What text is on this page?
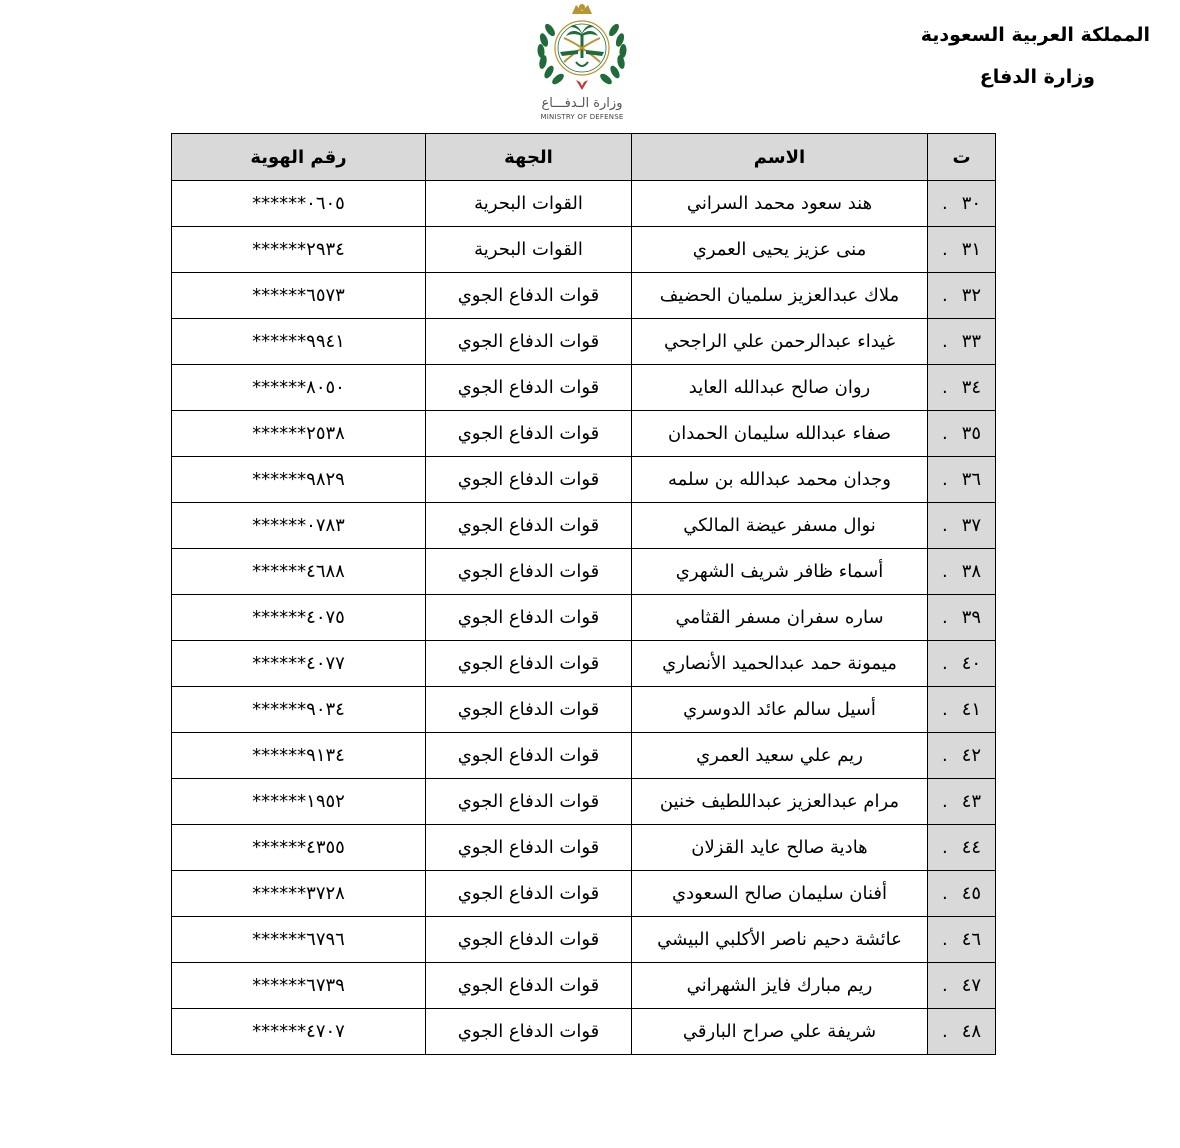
المملكة العربية السعودية
وزارة الدفاع
وزارة الـدفـــاع
MINISTRY OF DEFENSE
ت	الاسم	الجهة	رقم الهوية
٣٠.	هند سعود محمد السراني	القوات البحرية	******٠٦٠٥
٣١.	منى عزيز يحيى العمري	القوات البحرية	******٢٩٣٤
٣٢.	ملاك عبدالعزيز سلميان الحضيف	قوات الدفاع الجوي	******٦٥٧٣
٣٣.	غيداء عبدالرحمن علي الراجحي	قوات الدفاع الجوي	******٩٩٤١
٣٤.	روان صالح عبدالله العايد	قوات الدفاع الجوي	******٨٠٥٠
٣٥.	صفاء عبدالله سليمان الحمدان	قوات الدفاع الجوي	******٢٥٣٨
٣٦.	وجدان محمد عبدالله بن سلمه	قوات الدفاع الجوي	******٩٨٢٩
٣٧.	نوال مسفر عيضة المالكي	قوات الدفاع الجوي	******٠٧٨٣
٣٨.	أسماء ظافر شريف الشهري	قوات الدفاع الجوي	******٤٦٨٨
٣٩.	ساره سفران مسفر القثامي	قوات الدفاع الجوي	******٤٠٧٥
٤٠.	ميمونة حمد عبدالحميد الأنصاري	قوات الدفاع الجوي	******٤٠٧٧
٤١.	أسيل سالم عائد الدوسري	قوات الدفاع الجوي	******٩٠٣٤
٤٢.	ريم علي سعيد العمري	قوات الدفاع الجوي	******٩١٣٤
٤٣.	مرام عبدالعزيز عبداللطيف خنين	قوات الدفاع الجوي	******١٩٥٢
٤٤.	هادية صالح عايد القزلان	قوات الدفاع الجوي	******٤٣٥٥
٤٥.	أفنان سليمان صالح السعودي	قوات الدفاع الجوي	******٣٧٢٨
٤٦.	عائشة دحيم ناصر الأكلبي البيشي	قوات الدفاع الجوي	******٦٧٩٦
٤٧.	ريم مبارك فايز الشهراني	قوات الدفاع الجوي	******٦٧٣٩
٤٨.	شريفة علي صراح البارقي	قوات الدفاع الجوي	******٤٧٠٧
